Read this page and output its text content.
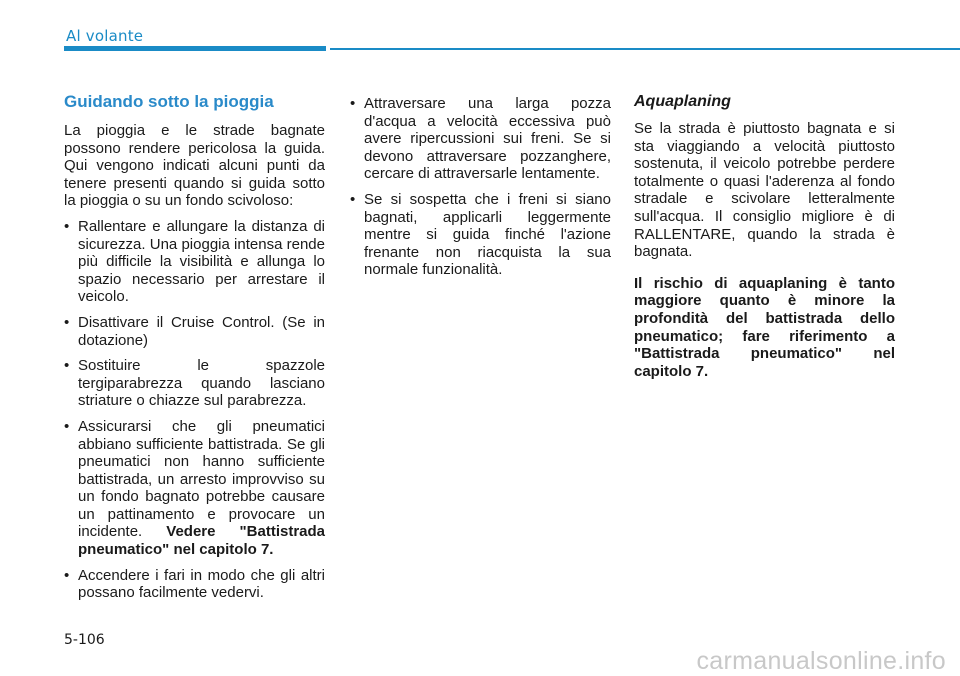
Al volante
Guidando sotto la pioggia

La pioggia e le strade bagnate possono rendere pericolosa la guida. Qui vengono indicati alcuni punti da tenere presenti quando si guida sotto la pioggia o su un fondo scivoloso:

• Rallentare e allungare la distanza di sicurezza. Una pioggia intensa rende più difficile la visibilità e allunga lo spazio necessario per arrestare il veicolo.
• Disattivare il Cruise Control. (Se in dotazione)
• Sostituire le spazzole tergiparabrezza quando lasciano striature o chiazze sul parabrezza.
• Assicurarsi che gli pneumatici abbiano sufficiente battistrada. Se gli pneumatici non hanno sufficiente battistrada, un arresto improvviso su un fondo bagnato potrebbe causare un pattinamento e provocare un incidente. Vedere "Battistrada pneumatico" nel capitolo 7.
• Accendere i fari in modo che gli altri possano facilmente vedervi.
• Attraversare una larga pozza d'acqua a velocità eccessiva può avere ripercussioni sui freni. Se si devono attraversare pozzanghere, cercare di attraversarle lentamente.
• Se si sospetta che i freni si siano bagnati, applicarli leggermente mentre si guida finché l'azione frenante non riacquista la sua normale funzionalità.
Aquaplaning

Se la strada è piuttosto bagnata e si sta viaggiando a velocità piuttosto sostenuta, il veicolo potrebbe perdere totalmente o quasi l'aderenza al fondo stradale e scivolare letteralmente sull'acqua. Il consiglio migliore è di RALLENTARE, quando la strada è bagnata.

Il rischio di aquaplaning è tanto maggiore quanto è minore la profondità del battistrada dello pneumatico; fare riferimento a "Battistrada pneumatico" nel capitolo 7.

5-106
carmanualsonline.info
